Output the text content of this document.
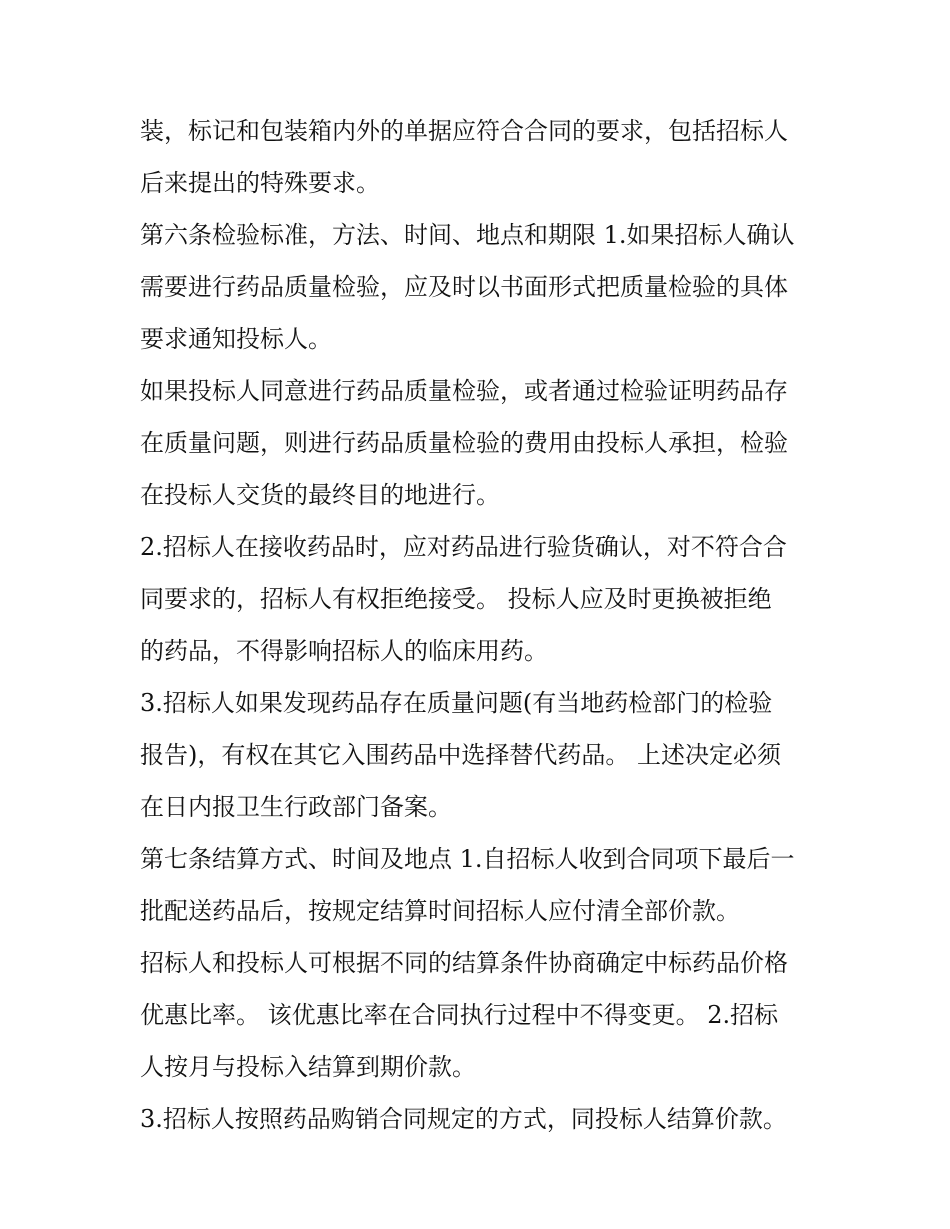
装，标记和包装箱内外的单据应符合合同的要求，包括招标人
后来提出的特殊要求。
第六条检验标准，方法、时间、地点和期限 1.如果招标人确认
需要进行药品质量检验，应及时以书面形式把质量检验的具体
要求通知投标人。
如果投标人同意进行药品质量检验，或者通过检验证明药品存
在质量问题，则进行药品质量检验的费用由投标人承担，检验
在投标人交货的最终目的地进行。
2.招标人在接收药品时，应对药品进行验货确认，对不符合合
同要求的，招标人有权拒绝接受。 投标人应及时更换被拒绝
的药品，不得影响招标人的临床用药。
3.招标人如果发现药品存在质量问题(有当地药检部门的检验
报告)，有权在其它入围药品中选择替代药品。 上述决定必须
在日内报卫生行政部门备案。
第七条结算方式、时间及地点 1.自招标人收到合同项下最后一
批配送药品后，按规定结算时间招标人应付清全部价款。
招标人和投标人可根据不同的结算条件协商确定中标药品价格
优惠比率。 该优惠比率在合同执行过程中不得变更。 2.招标
人按月与投标入结算到期价款。
3.招标人按照药品购销合同规定的方式，同投标人结算价款。
